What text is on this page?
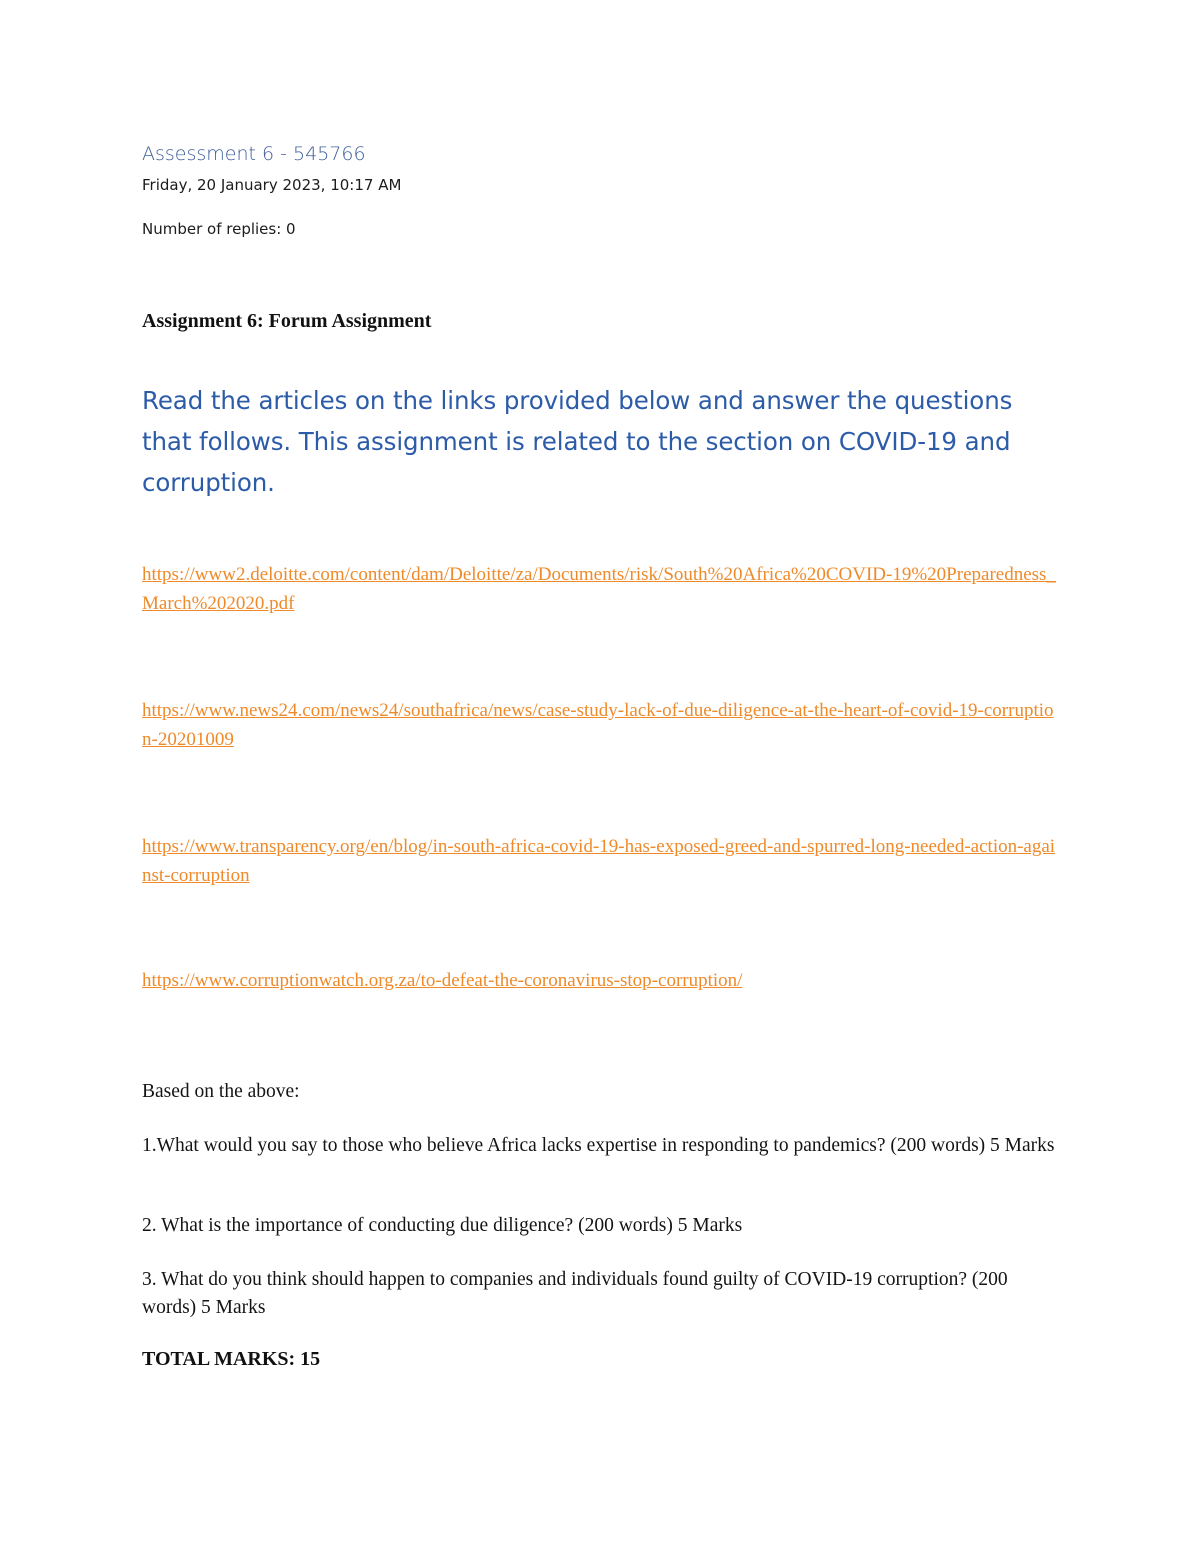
Assessment 6 - 545766

Friday, 20 January 2023, 10:17 AM

Number of replies: 0

Assignment 6: Forum Assignment

Read the articles on the links provided below and answer the questions that follows. This assignment is related to the section on COVID-19 and corruption.

https://www2.deloitte.com/content/dam/Deloitte/za/Documents/risk/South%20Africa%20COVID-19%20Preparedness_March%202020.pdf
https://www.news24.com/news24/southafrica/news/case-study-lack-of-due-diligence-at-the-heart-of-covid-19-corruption-20201009
https://www.transparency.org/en/blog/in-south-africa-covid-19-has-exposed-greed-and-spurred-long-needed-action-against-corruption
https://www.corruptionwatch.org.za/to-defeat-the-coronavirus-stop-corruption/

Based on the above:

1.What would you say to those who believe Africa lacks expertise in responding to pandemics? (200 words) 5 Marks

2. What is the importance of conducting due diligence? (200 words) 5 Marks

3. What do you think should happen to companies and individuals found guilty of COVID-19 corruption? (200 words) 5 Marks

TOTAL MARKS: 15
